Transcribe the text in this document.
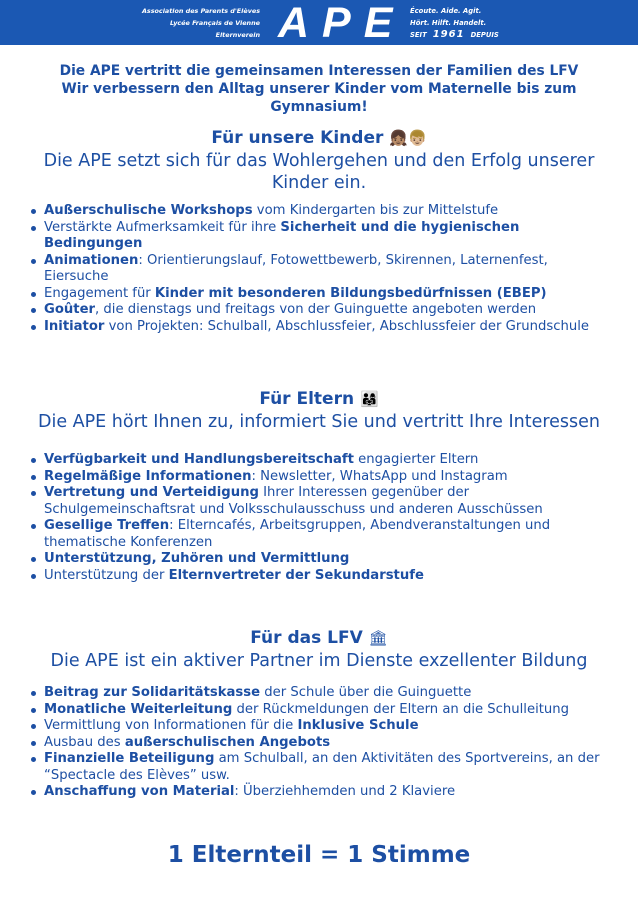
Association des Parents d'Elèves
Lycée Français de Vienne
Elternverein APE Écoute. Aide. Agit.
Hört. Hilft. Handelt.
SEIT 1961 DEPUIS
Die APE vertritt die gemeinsamen Interessen der Familien des LFV
Wir verbessern den Alltag unserer Kinder vom Maternelle bis zum Gymnasium!
Für unsere Kinder 👧🏽👦🏼
Die APE setzt sich für das Wohlergehen und den Erfolg unserer Kinder ein.
Außerschulische Workshops vom Kindergarten bis zur Mittelstufe
Verstärkte Aufmerksamkeit für ihre Sicherheit und die hygienischen Bedingungen
Animationen: Orientierungslauf, Fotowettbewerb, Skirennen, Laternenfest, Eiersuche
Engagement für Kinder mit besonderen Bildungsbedürfnissen (EBEP)
Goûter, die dienstags und freitags von der Guinguette angeboten werden
Initiator von Projekten: Schulball, Abschlussfeier, Abschlussfeier der Grundschule
Für Eltern 👨‍👩‍👧
Die APE hört Ihnen zu, informiert Sie und vertritt Ihre Interessen
Verfügbarkeit und Handlungsbereitschaft engagierter Eltern
Regelmäßige Informationen: Newsletter, WhatsApp und Instagram
Vertretung und Verteidigung Ihrer Interessen gegenüber der Schulgemeinschaftsrat und Volksschulausschuss und anderen Ausschüssen
Gesellige Treffen: Elterncafés, Arbeitsgruppen, Abendveranstaltungen und thematische Konferenzen
Unterstützung, Zuhören und Vermittlung
Unterstützung der Elternvertreter der Sekundarstufe
Für das LFV 🏛
Die APE ist ein aktiver Partner im Dienste exzellenter Bildung
Beitrag zur Solidaritätskasse der Schule über die Guinguette
Monatliche Weiterleitung der Rückmeldungen der Eltern an die Schulleitung
Vermittlung von Informationen für die Inklusive Schule
Ausbau des außerschulischen Angebots
Finanzielle Beteiligung am Schulball, an den Aktivitäten des Sportvereins, an der “Spectacle des Elèves” usw.
Anschaffung von Material: Überziehhemden und 2 Klaviere
1 Elternteil = 1 Stimme
